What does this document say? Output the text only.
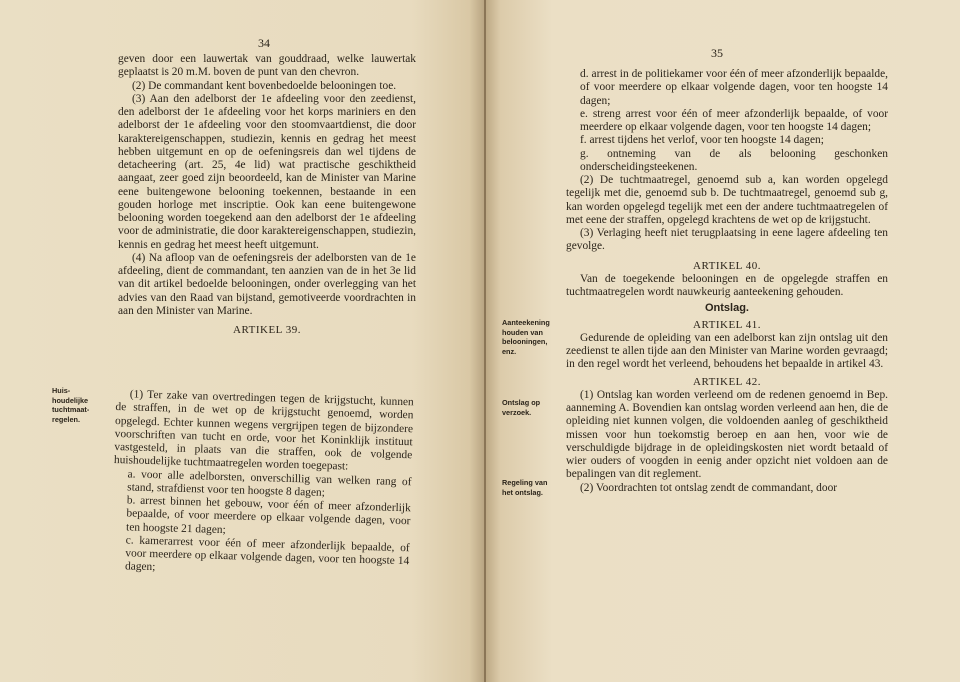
34

geven door een lauwertak van gouddraad, welke lauwertak geplaatst is 20 m.M. boven de punt van den chevron.

(2) De commandant kent bovenbedoelde belooningen toe.

(3) Aan den adelborst der 1e afdeeling voor den zeedienst, den adelborst der 1e afdeeling voor het korps mariniers en den adelborst der 1e afdeeling voor den stoomvaartdienst, die door karaktereigenschappen, studiezin, kennis en gedrag het meest hebben uitgemunt en op de oefeningsreis dan wel tijdens de detacheering (art. 25, 4e lid) wat practische geschiktheid aangaat, zeer goed zijn beoordeeld, kan de Minister van Marine eene buitengewone belooning toekennen, bestaande in een gouden horloge met inscriptie. Ook kan eene buitengewone belooning worden toegekend aan den adelborst der 1e afdeeling voor de administratie, die door karaktereigenschappen, studiezin, kennis en gedrag het meest heeft uitgemunt.

(4) Na afloop van de oefeningsreis der adelborsten van de 1e afdeeling, dient de commandant, ten aanzien van de in het 3e lid van dit artikel bedoelde belooningen, onder overlegging van het advies van den Raad van bijstand, gemotiveerde voordrachten in aan den Minister van Marine.

ARTIKEL 39.

Huis-houdelijke tuchtmaat-regelen.

(1) Ter zake van overtredingen tegen de krijgstucht, kunnen de straffen, in de wet op de krijgstucht genoemd, worden opgelegd. Echter kunnen wegens vergrijpen tegen de bijzondere voorschriften van tucht en orde, voor het Koninklijk instituut vastgesteld, in plaats van die straffen, ook de volgende huishoudelijke tuchtmaatregelen worden toegepast:

a. voor alle adelborsten, onverschillig van welken rang of stand, strafdienst voor ten hoogste 8 dagen;

b. arrest binnen het gebouw, voor één of meer afzonderlijk bepaalde, of voor meerdere op elkaar volgende dagen, voor ten hoogste 21 dagen;

c. kamerarrest voor één of meer afzonderlijk bepaalde, of voor meerdere op elkaar volgende dagen, voor ten hoogste 14 dagen;

35

d. arrest in de politiekamer voor één of meer afzonderlijk bepaalde, of voor meerdere op elkaar volgende dagen, voor ten hoogste 14 dagen;

e. streng arrest voor één of meer afzonderlijk bepaalde, of voor meerdere op elkaar volgende dagen, voor ten hoogste 14 dagen;

f. arrest tijdens het verlof, voor ten hoogste 14 dagen;

g. ontneming van de als belooning geschonken onderscheidingsteekenen.

(2) De tuchtmaatregel, genoemd sub a, kan worden opgelegd tegelijk met die, genoemd sub b. De tuchtmaatregel, genoemd sub g, kan worden opgelegd tegelijk met een der andere tuchtmaatregelen of met eene der straffen, opgelegd krachtens de wet op de krijgstucht.

(3) Verlaging heeft niet terugplaatsing in eene lagere afdeeling ten gevolge.

ARTIKEL 40.

Van de toegekende belooningen en de opgelegde straffen en tuchtmaatregelen wordt nauwkeurig aanteekening gehouden.

Ontslag.

ARTIKEL 41.

Gedurende de opleiding van een adelborst kan zijn ontslag uit den zeedienst te allen tijde aan den Minister van Marine worden gevraagd; in den regel wordt het verleend, behoudens het bepaalde in artikel 43.

ARTIKEL 42.

(1) Ontslag kan worden verleend om de redenen genoemd in Bep. aanneming A. Bovendien kan ontslag worden verleend aan hen, die de opleiding niet kunnen volgen, die voldoenden aanleg of geschiktheid missen voor hun toekomstig beroep en aan hen, voor wie de verschuldigde bijdrage in de opleidingskosten niet wordt betaald of wier ouders of voogden in eenig ander opzicht niet voldoen aan de bepalingen van dit reglement.

(2) Voordrachten tot ontslag zendt de commandant, door

Aanteekening houden van belooningen, enz.
Ontslag op verzoek.
Regeling van het ontslag.
